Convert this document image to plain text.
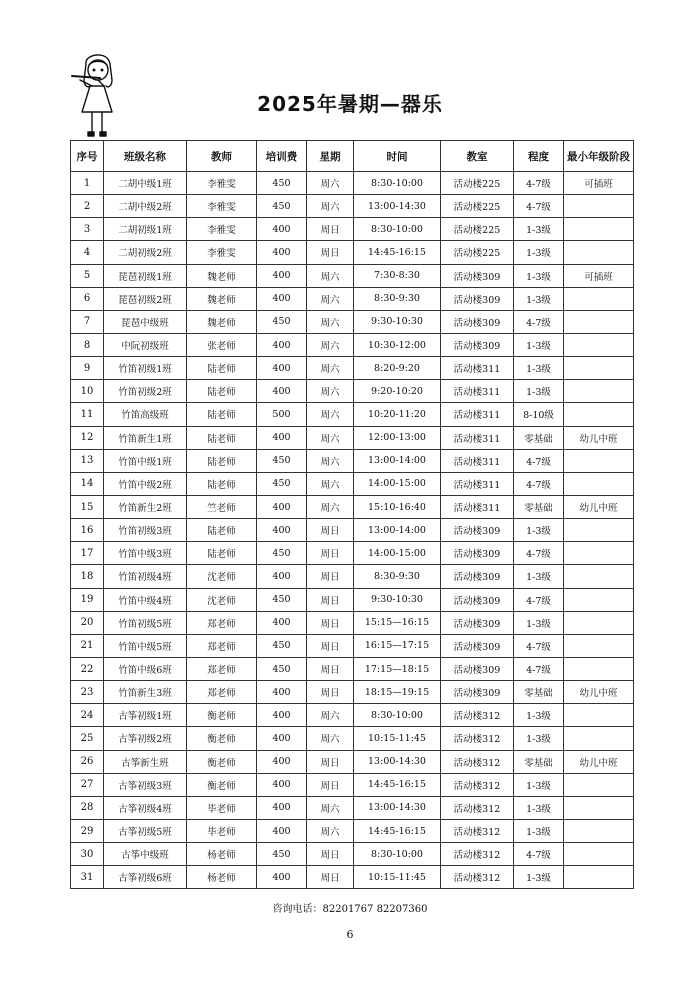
2025年暑期—器乐
序号	班级名称	教师	培训费	星期	时间	教室	程度	最小年级阶段
1	二胡中级1班	李雅雯	450	周六	8:30-10:00	活动楼225	4-7级	可插班
2	二胡中级2班	李雅雯	450	周六	13:00-14:30	活动楼225	4-7级	
3	二胡初级1班	李雅雯	400	周日	8:30-10:00	活动楼225	1-3级	
4	二胡初级2班	李雅雯	400	周日	14:45-16:15	活动楼225	1-3级	
5	琵琶初级1班	魏老师	400	周六	7:30-8:30	活动楼309	1-3级	可插班
6	琵琶初级2班	魏老师	400	周六	8:30-9:30	活动楼309	1-3级	
7	琵琶中级班	魏老师	450	周六	9:30-10:30	活动楼309	4-7级	
8	中阮初级班	张老师	400	周六	10:30-12:00	活动楼309	1-3级	
9	竹笛初级1班	陆老师	400	周六	8:20-9:20	活动楼311	1-3级	
10	竹笛初级2班	陆老师	400	周六	9:20-10:20	活动楼311	1-3级	
11	竹笛高级班	陆老师	500	周六	10:20-11:20	活动楼311	8-10级	
12	竹笛新生1班	陆老师	400	周六	12:00-13:00	活动楼311	零基础	幼儿中班
13	竹笛中级1班	陆老师	450	周六	13:00-14:00	活动楼311	4-7级	
14	竹笛中级2班	陆老师	450	周六	14:00-15:00	活动楼311	4-7级	
15	竹笛新生2班	竺老师	400	周六	15:10-16:40	活动楼311	零基础	幼儿中班
16	竹笛初级3班	陆老师	400	周日	13:00-14:00	活动楼309	1-3级	
17	竹笛中级3班	陆老师	450	周日	14:00-15:00	活动楼309	4-7级	
18	竹笛初级4班	沈老师	400	周日	8:30-9:30	活动楼309	1-3级	
19	竹笛中级4班	沈老师	450	周日	9:30-10:30	活动楼309	4-7级	
20	竹笛初级5班	郑老师	400	周日	15:15—16:15	活动楼309	1-3级	
21	竹笛中级5班	郑老师	450	周日	16:15—17:15	活动楼309	4-7级	
22	竹笛中级6班	郑老师	450	周日	17:15—18:15	活动楼309	4-7级	
23	竹笛新生3班	郑老师	400	周日	18:15—19:15	活动楼309	零基础	幼儿中班
24	古筝初级1班	衡老师	400	周六	8:30-10:00	活动楼312	1-3级	
25	古筝初级2班	衡老师	400	周六	10:15-11:45	活动楼312	1-3级	
26	古筝新生班	衡老师	400	周日	13:00-14:30	活动楼312	零基础	幼儿中班
27	古筝初级3班	衡老师	400	周日	14:45-16:15	活动楼312	1-3级	
28	古筝初级4班	毕老师	400	周六	13:00-14:30	活动楼312	1-3级	
29	古筝初级5班	毕老师	400	周六	14:45-16:15	活动楼312	1-3级	
30	古筝中级班	杨老师	450	周日	8:30-10:00	活动楼312	4-7级	
31	古筝初级6班	杨老师	400	周日	10:15-11:45	活动楼312	1-3级	
咨询电话：82201767 82207360
6
